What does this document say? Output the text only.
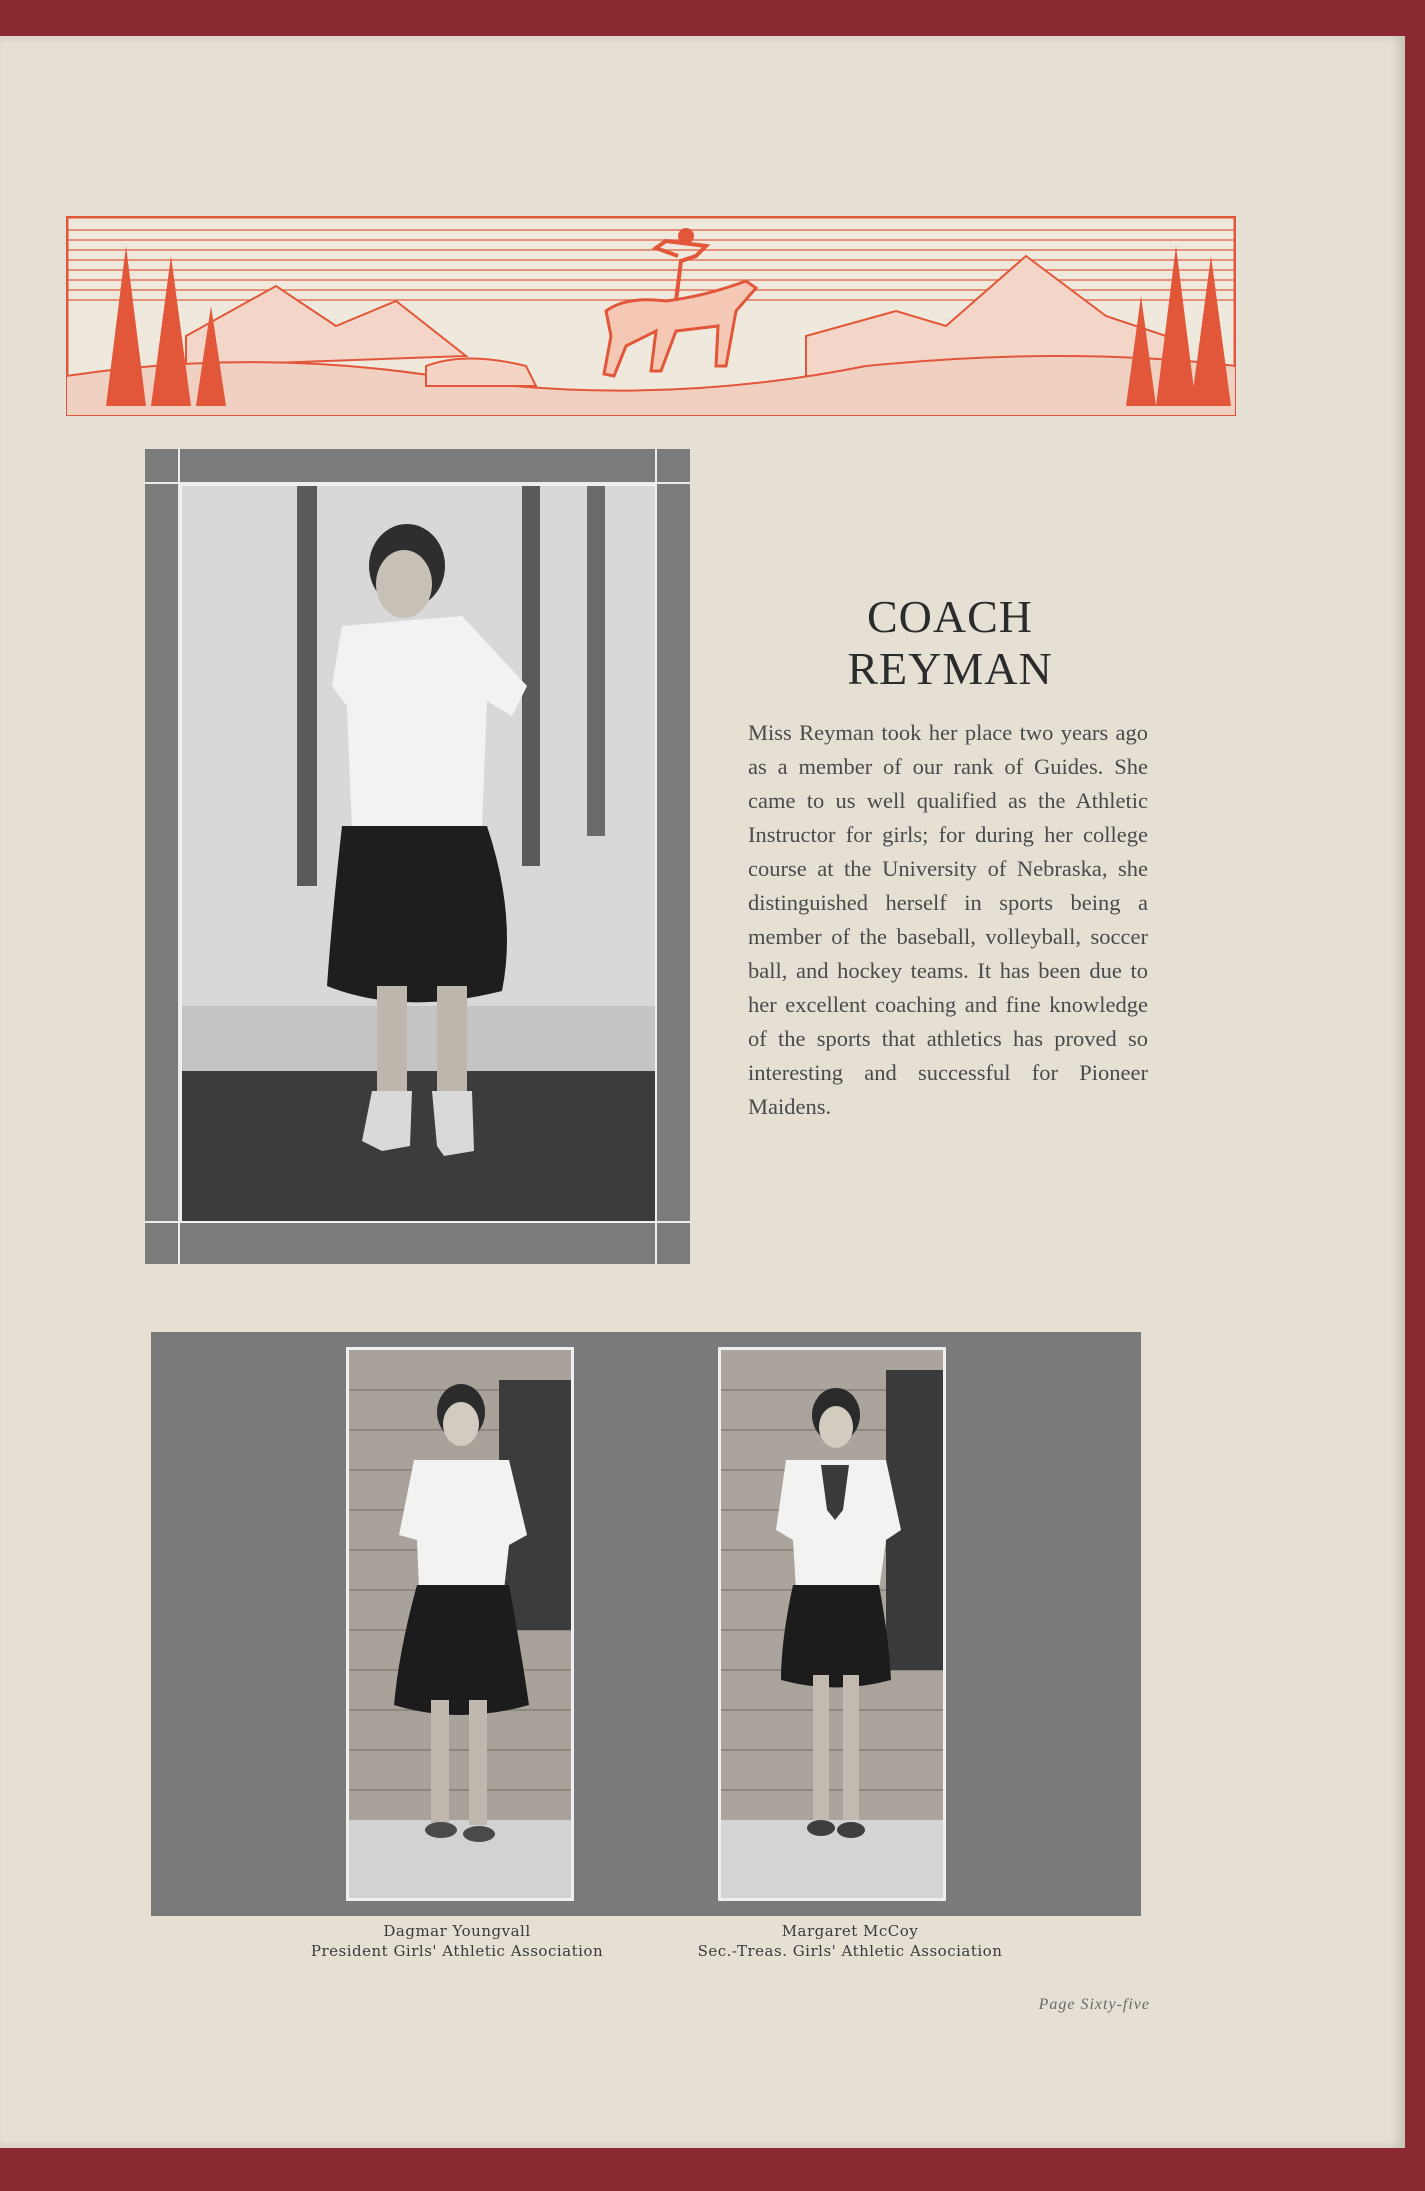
COACH
REYMAN
Miss Reyman took her place two years ago as a member of our rank of Guides. She came to us well qualified as the Athletic Instructor for girls; for during her college course at the University of Nebraska, she distinguished herself in sports being a member of the baseball, volleyball, soccer ball, and hockey teams. It has been due to her excellent coaching and fine knowledge of the sports that athletics has proved so interesting and successful for Pioneer Maidens.
Dagmar Youngvall
President Girls' Athletic Association
Margaret McCoy
Sec.-Treas. Girls' Athletic Association
Page Sixty-five
